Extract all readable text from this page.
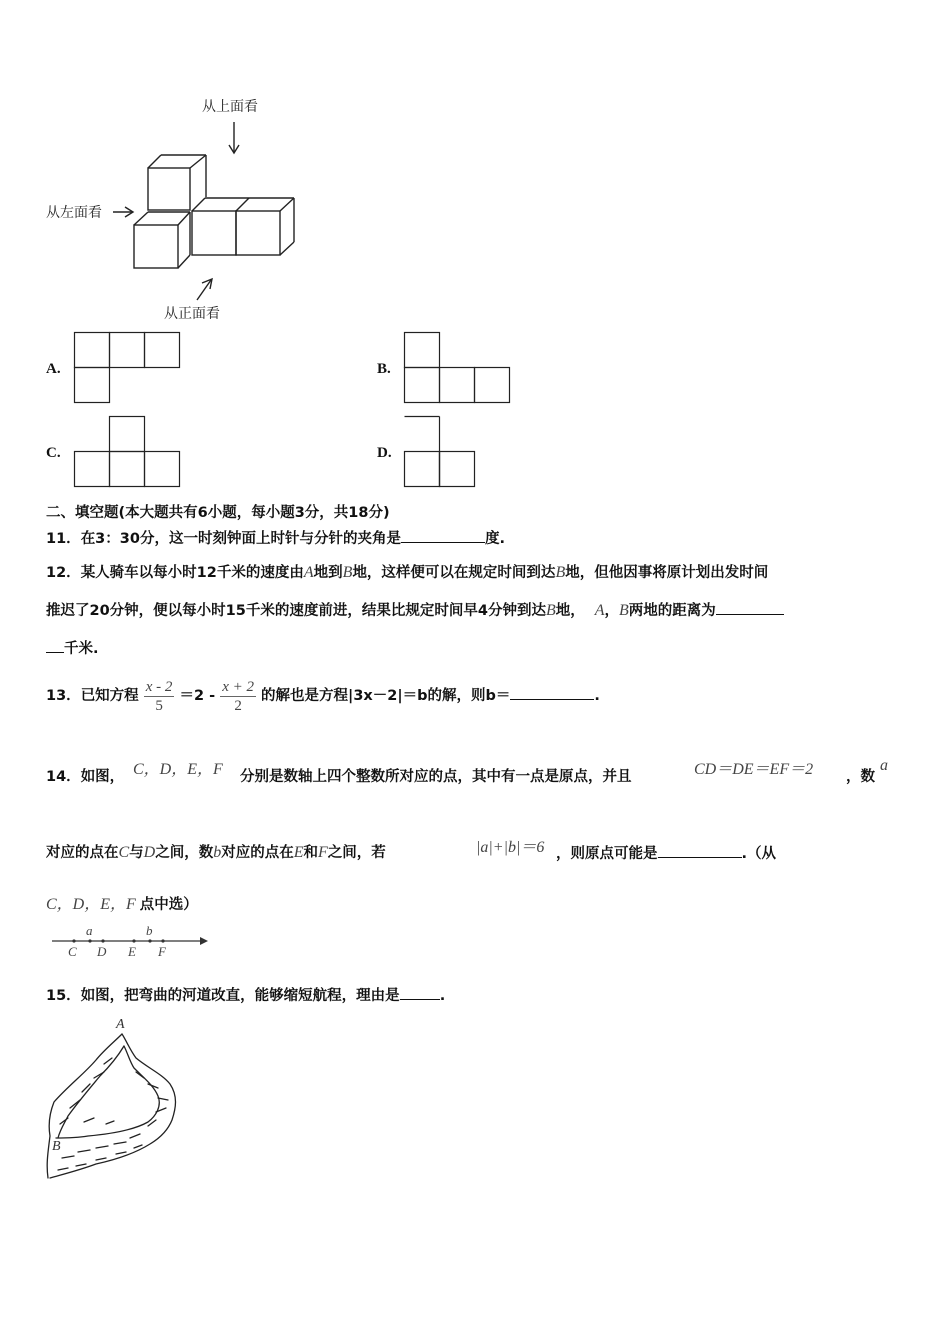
从上面看
从左面看
从正面看
A.	B.
C.	D.
二、填空题(本大题共有6小题，每小题3分，共18分)
11．在3：30分，这一时刻钟面上时针与分针的夹角是	度.
12．某人骑车以每小时12千米的速度由A地到B地，这样便可以在规定时间到达B地，但他因事将原计划出发时间
推迟了20分钟，便以每小时15千米的速度前进，结果比规定时间早4分钟到达B地， A，B两地的距离为
千米.
13．已知方程 $\frac{x - 2}{5} =2 - \frac{x + 2}{2}$ 的解也是方程|3x－2|＝b的解，则b＝	.
14．如图， C，D，E，F 分别是数轴上四个整数所对应的点，其中有一点是原点，并且	CD＝DE＝EF＝2 ，数
a
对应的点在C与D之间，数b对应的点在E和F之间，若	|a|+|b|＝6 ，则原点可能是	.（从
C，D，E，F 点中选）
a	b
C D E F
15．如图，把弯曲的河道改直，能够缩短航程，理由是	.
A
B
